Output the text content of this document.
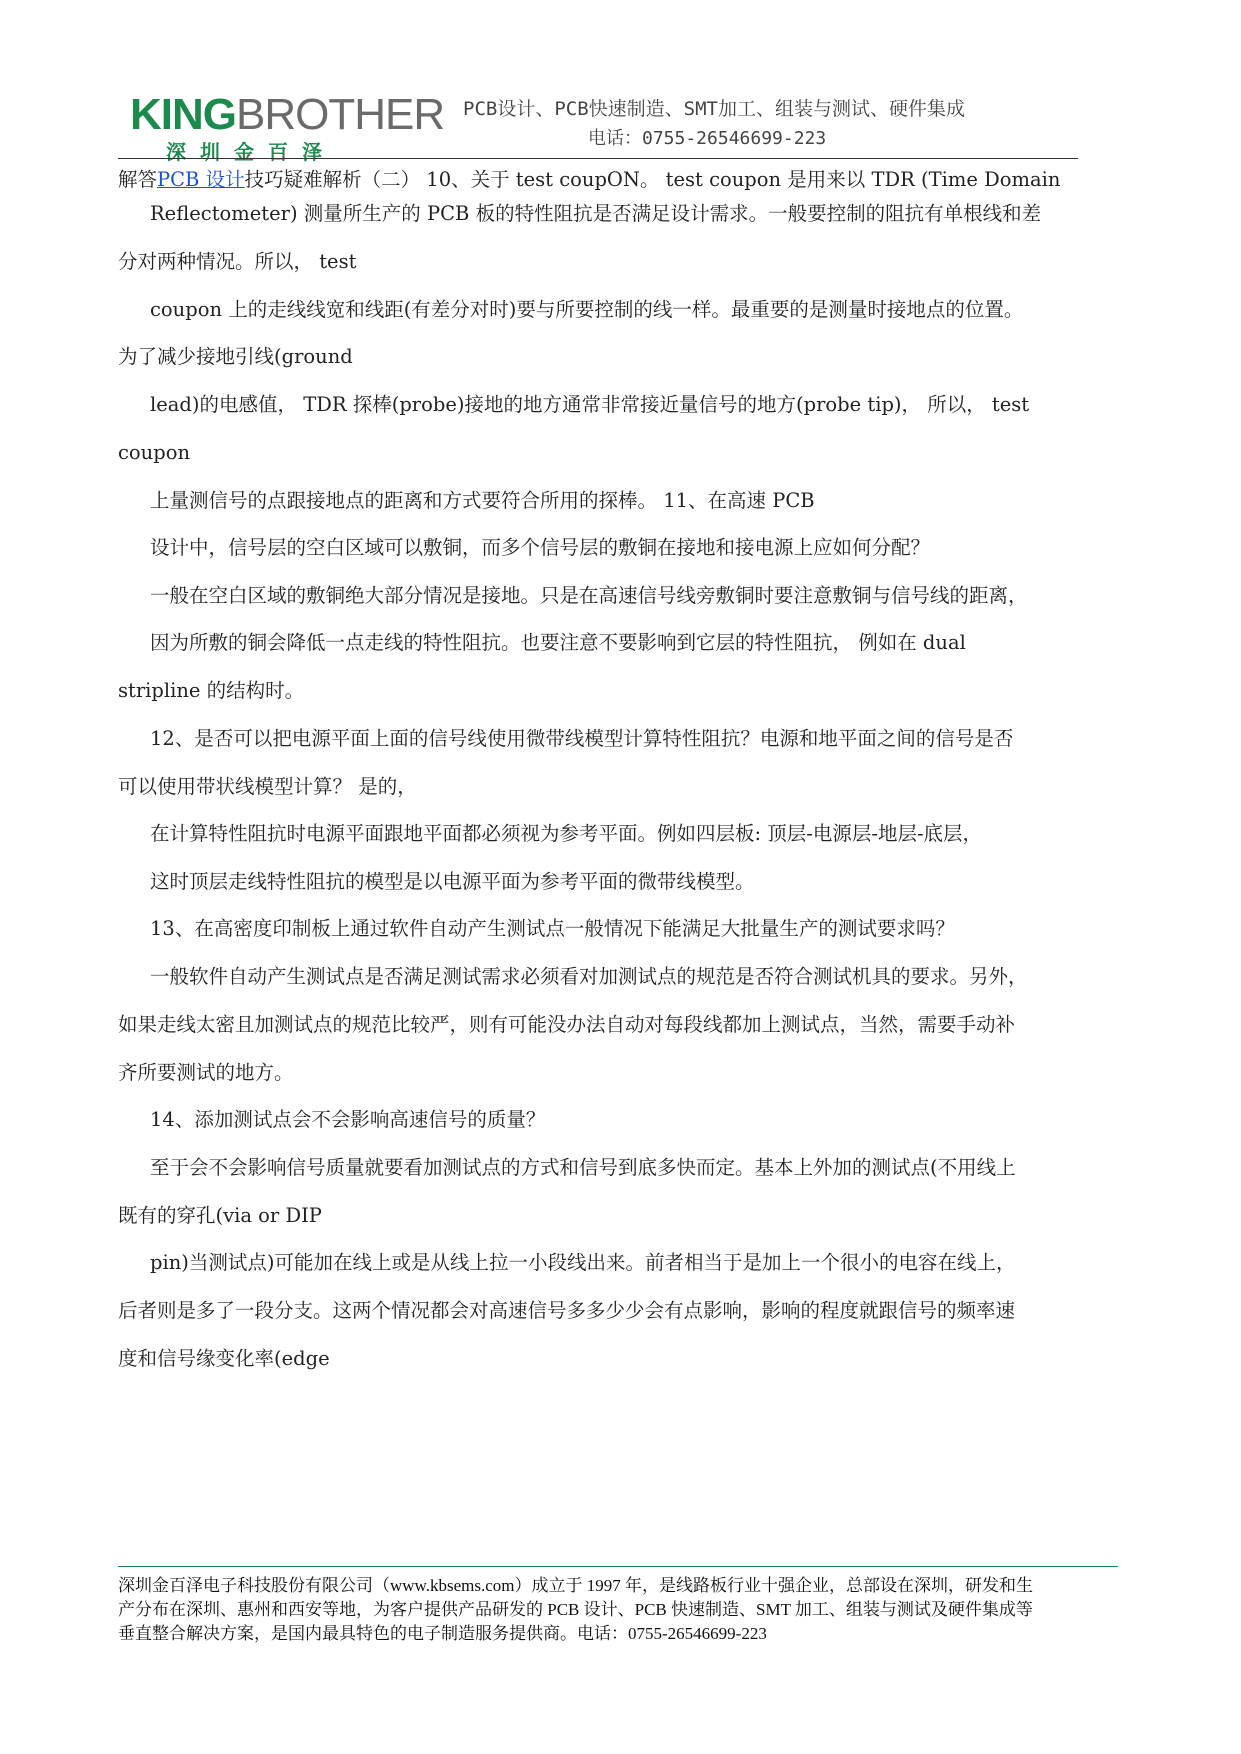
KINGBROTHER
深圳金百泽
PCB设计、PCB快速制造、SMT加工、组装与测试、硬件集成
电话：0755-26546699-223
解答PCB 设计技巧疑难解析（二） 10、关于 test coupON。 test coupon 是用来以 TDR (Time Domain
Reflectometer) 测量所生产的 PCB 板的特性阻抗是否满足设计需求。一般要控制的阻抗有单根线和差
分对两种情况。所以， test
coupon 上的走线线宽和线距(有差分对时)要与所要控制的线一样。最重要的是测量时接地点的位置。
为了减少接地引线(ground
lead)的电感值， TDR 探棒(probe)接地的地方通常非常接近量信号的地方(probe tip)， 所以， test
coupon
上量测信号的点跟接地点的距离和方式要符合所用的探棒。 11、在高速 PCB
设计中，信号层的空白区域可以敷铜，而多个信号层的敷铜在接地和接电源上应如何分配？
一般在空白区域的敷铜绝大部分情况是接地。只是在高速信号线旁敷铜时要注意敷铜与信号线的距离，
因为所敷的铜会降低一点走线的特性阻抗。也要注意不要影响到它层的特性阻抗， 例如在 dual
stripline 的结构时。
12、是否可以把电源平面上面的信号线使用微带线模型计算特性阻抗？电源和地平面之间的信号是否
可以使用带状线模型计算？ 是的，
在计算特性阻抗时电源平面跟地平面都必须视为参考平面。例如四层板: 顶层-电源层-地层-底层，
这时顶层走线特性阻抗的模型是以电源平面为参考平面的微带线模型。
13、在高密度印制板上通过软件自动产生测试点一般情况下能满足大批量生产的测试要求吗？
一般软件自动产生测试点是否满足测试需求必须看对加测试点的规范是否符合测试机具的要求。另外，
如果走线太密且加测试点的规范比较严，则有可能没办法自动对每段线都加上测试点，当然，需要手动补
齐所要测试的地方。
14、添加测试点会不会影响高速信号的质量？
至于会不会影响信号质量就要看加测试点的方式和信号到底多快而定。基本上外加的测试点(不用线上
既有的穿孔(via or DIP
pin)当测试点)可能加在线上或是从线上拉一小段线出来。前者相当于是加上一个很小的电容在线上，
后者则是多了一段分支。这两个情况都会对高速信号多多少少会有点影响，影响的程度就跟信号的频率速
度和信号缘变化率(edge
深圳金百泽电子科技股份有限公司（www.kbsems.com）成立于 1997 年，是线路板行业十强企业，总部设在深圳，研发和生
产分布在深圳、惠州和西安等地，为客户提供产品研发的 PCB 设计、PCB 快速制造、SMT 加工、组装与测试及硬件集成等
垂直整合解决方案，是国内最具特色的电子制造服务提供商。电话：0755-26546699-223
